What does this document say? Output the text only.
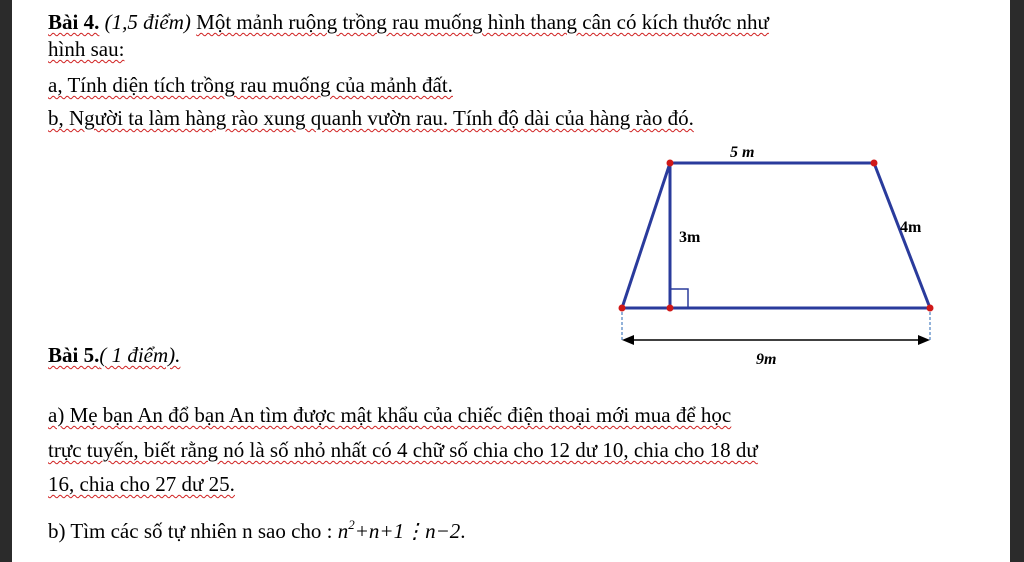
Bài 4. (1,5 điểm) Một mảnh ruộng trồng rau muống hình thang cân có kích thước như
hình sau:
a, Tính diện tích trồng rau muống của mảnh đất.
b, Người ta làm hàng rào xung quanh vườn rau. Tính độ dài của hàng rào đó.
5 m
3m
4m
9m
Bài 5.( 1 điểm).
a) Mẹ bạn An đổ bạn An tìm được mật khẩu của chiếc điện thoại mới mua để học
trực tuyến, biết rằng nó là số nhỏ nhất có 4 chữ số chia cho 12 dư 10, chia cho 18 dư
16, chia cho 27 dư 25.
b) Tìm các số tự nhiên n sao cho : $n^2+n+1⋮n-2$.
